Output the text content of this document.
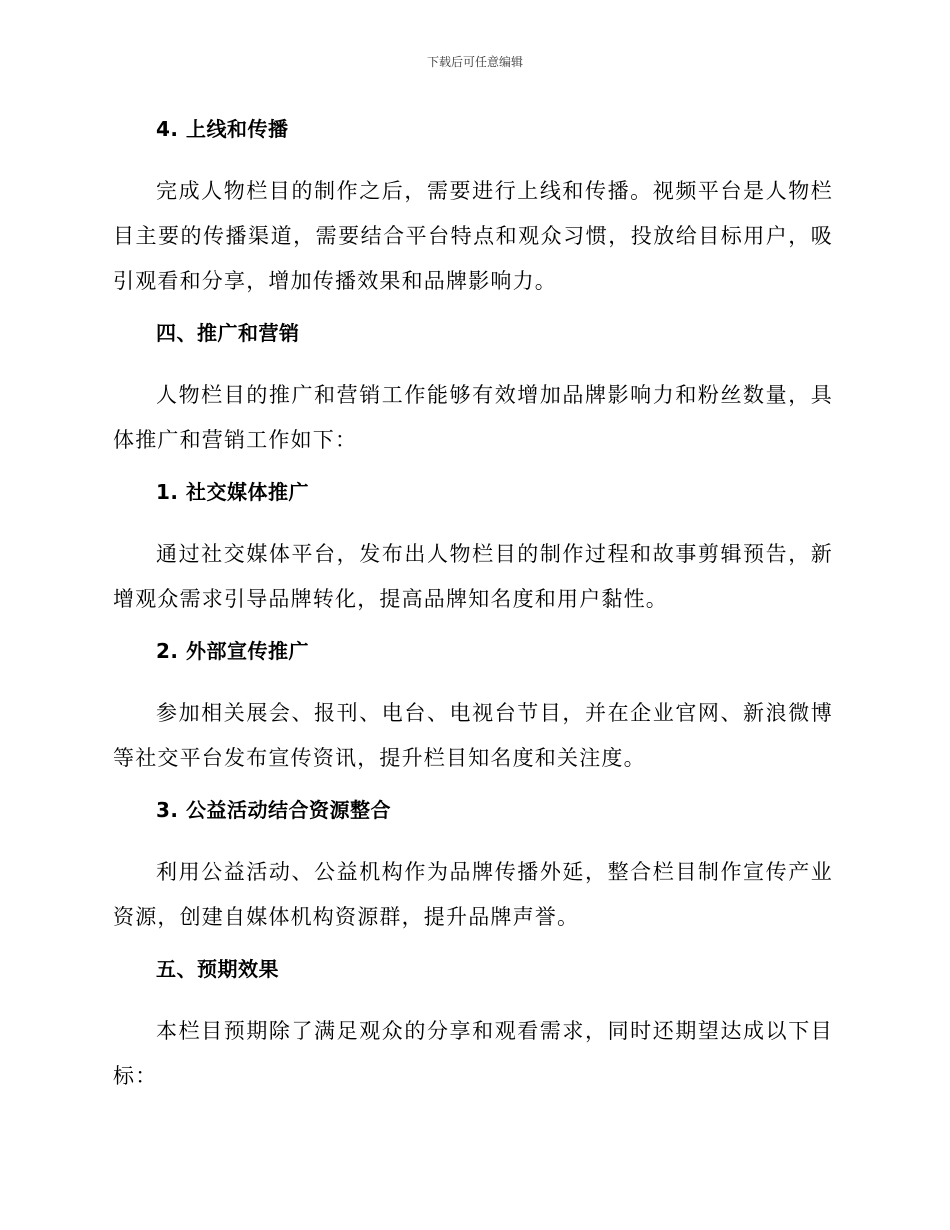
下载后可任意编辑
4. 上线和传播

完成人物栏目的制作之后，需要进行上线和传播。视频平台是人物栏目主要的传播渠道，需要结合平台特点和观众习惯，投放给目标用户，吸引观看和分享，增加传播效果和品牌影响力。

四、推广和营销

人物栏目的推广和营销工作能够有效增加品牌影响力和粉丝数量，具体推广和营销工作如下：

1. 社交媒体推广

通过社交媒体平台，发布出人物栏目的制作过程和故事剪辑预告，新增观众需求引导品牌转化，提高品牌知名度和用户黏性。

2. 外部宣传推广

参加相关展会、报刊、电台、电视台节目，并在企业官网、新浪微博等社交平台发布宣传资讯，提升栏目知名度和关注度。

3. 公益活动结合资源整合

利用公益活动、公益机构作为品牌传播外延，整合栏目制作宣传产业资源，创建自媒体机构资源群，提升品牌声誉。

五、预期效果

本栏目预期除了满足观众的分享和观看需求，同时还期望达成以下目标：
